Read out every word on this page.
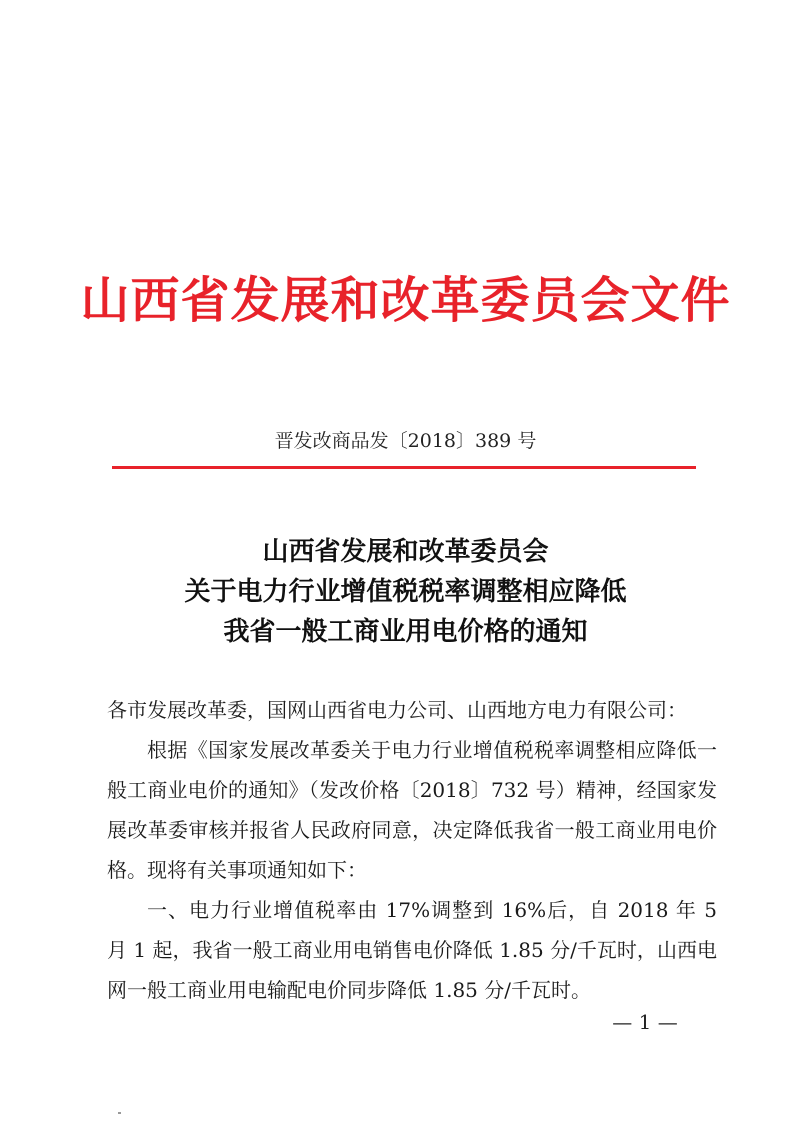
山西省发展和改革委员会文件
晋发改商品发〔2018〕389 号
山西省发展和改革委员会
关于电力行业增值税税率调整相应降低
我省一般工商业用电价格的通知

各市发展改革委，国网山西省电力公司、山西地方电力有限公司：

根据《国家发展改革委关于电力行业增值税税率调整相应降低一般工商业电价的通知》（发改价格〔2018〕732 号）精神，经国家发展改革委审核并报省人民政府同意，决定降低我省一般工商业用电价格。现将有关事项通知如下：

一、电力行业增值税率由 17%调整到 16%后，自 2018 年 5 月 1 起，我省一般工商业用电销售电价降低 1.85 分/千瓦时，山西电网一般工商业用电输配电价同步降低 1.85 分/千瓦时。

— 1 —
